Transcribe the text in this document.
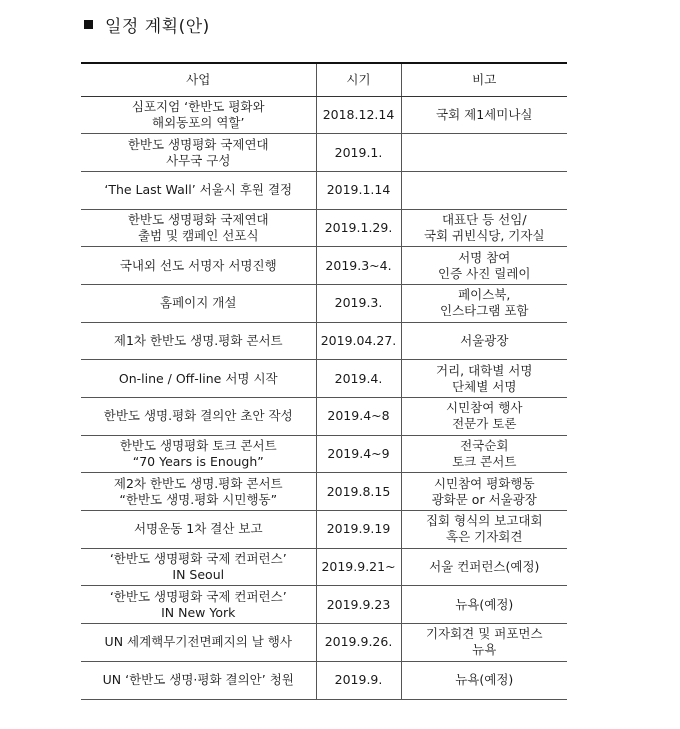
일정 계획(안)
사업	시기	비고

심포지엄 ‘한반도 평화와
해외동포의 역할’	2018.12.14	국회 제1세미나실

한반도 생명평화 국제연대
사무국 구성	2019.1.	

‘The Last Wall’ 서울시 후원 결정	2019.1.14	

한반도 생명평화 국제연대
출범 및 캠페인 선포식	2019.1.29.	대표단 등 선임/
국회 귀빈식당, 기자실

국내외 선도 서명자 서명진행	2019.3~4.	서명 참여
인증 사진 릴레이

홈페이지 개설	2019.3.	페이스북,
인스타그램 포함

제1차 한반도 생명.평화 콘서트	2019.04.27.	서울광장

On-line / Off-line 서명 시작	2019.4.	거리, 대학별 서명
단체별 서명

한반도 생명.평화 결의안 초안 작성	2019.4~8	시민참여 행사
전문가 토론

한반도 생명평화 토크 콘서트
“70 Years is Enough”	2019.4~9	전국순회
토크 콘서트

제2차 한반도 생명.평화 콘서트
“한반도 생명.평화 시민행동”	2019.8.15	시민참여 평화행동
광화문 or 서울광장

서명운동 1차 결산 보고	2019.9.19	집회 형식의 보고대회
혹은 기자회견

‘한반도 생명평화 국제 컨퍼런스’
IN Seoul	2019.9.21~	서울 컨퍼런스(예정)

‘한반도 생명평화 국제 컨퍼런스’
IN New York	2019.9.23	뉴욕(예정)

UN 세계핵무기전면폐지의 날 행사	2019.9.26.	기자회견 및 퍼포먼스
뉴욕

UN ‘한반도 생명·평화 결의안’ 청원	2019.9.	뉴욕(예정)
